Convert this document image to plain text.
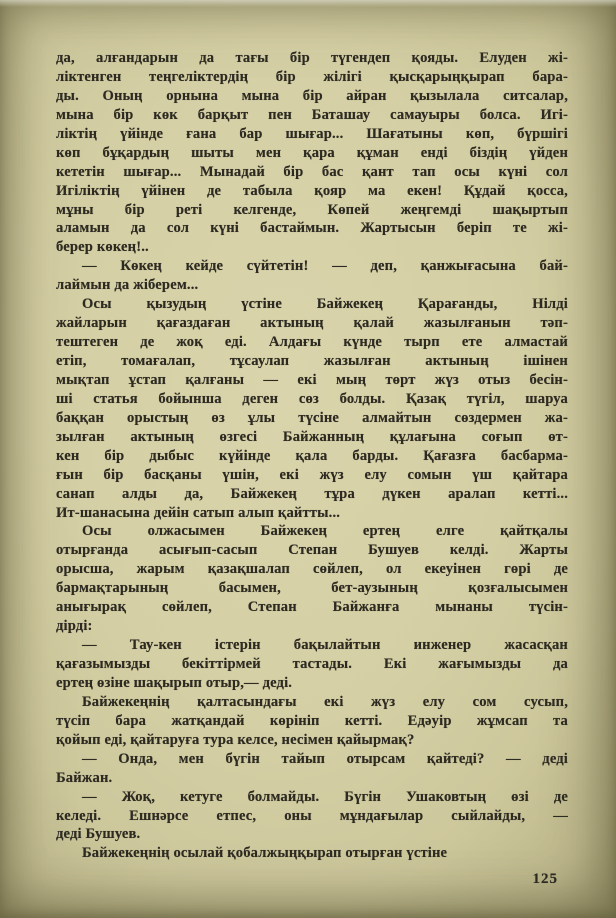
да, алғандарын да тағы бір түгендеп қояды. Елуден жі-
ліктенген теңгеліктердің бір жілігі қысқарыңқырап бара-
ды. Оның орнына мына бір айран қызылала ситсалар,
мына бір көк барқыт пен Баташау самауыры болса. Игі-
ліктің үйінде ғана бар шығар... Шағатыны көп, бүршігі
көп бұқардың шыты мен қара құман енді біздің үйден
кететін шығар... Мынадай бір бас қант тап осы күні сол
Игіліктің үйінен де табыла қояр ма екен! Құдай қосса,
мұны бір реті келгенде, Көпей жеңгемді шақыртып
аламын да сол күні бастаймын. Жартысын беріп те жі-
берер көкең!..
— Көкең кейде сүйтетін! — деп, қанжығасына бай-
лаймын да жіберем...
Осы қызудың үстіне Байжекең Қарағанды, Нілді
жайларын қағаздаған актының қалай жазылғанын тәп-
тештеген де жоқ еді. Алдағы күнде тырп ете алмастай
етіп, томағалап, тұсаулап жазылған актының ішінен
мықтап ұстап қалғаны — екі мың төрт жүз отыз бесін-
ші статья бойынша деген сөз болды. Қазақ түгіл, шаруа
баққан орыстың өз ұлы түсіне алмайтын сөздермен жа-
зылған актының өзгесі Байжанның құлағына соғып өт-
кен бір дыбыс күйінде қала барды. Қағазға басбарма-
ғын бір басқаны үшін, екі жүз елу сомын үш қайтара
санап алды да, Байжекең тұра дүкен аралап кетті...
Ит-шанасына дейін сатып алып қайтты...
Осы олжасымен Байжекең ертең елге қайтқалы
отырғанда асығып-сасып Степан Бушуев келді. Жарты
орысша, жарым қазақшалап сөйлеп, ол екеуінен гөрі де
бармақтарының басымен, бет-аузының қозғалысымен
анығырақ сөйлеп, Степан Байжанға мынаны түсін-
дірді:
— Тау-кен істерін бақылайтын инженер жасасқан
қағазымызды бекіттірмей тастады. Екі жағымызды да
ертең өзіне шақырып отыр,— деді.
Байжекеңнің қалтасындағы екі жүз елу сом сусып,
түсіп бара жатқандай көрініп кетті. Едәуір жұмсап та
қойып еді, қайтаруға тура келсе, несімен қайырмақ?
— Онда, мен бүгін тайып отырсам қайтеді? — деді
Байжан.
— Жоқ, кетуге болмайды. Бүгін Ушаковтың өзі де
келеді. Ешнәрсе етпес, оны мұндағылар сыйлайды, —
деді Бушуев.
Байжекеңнің осылай қобалжыңқырап отырған үстіне
125
